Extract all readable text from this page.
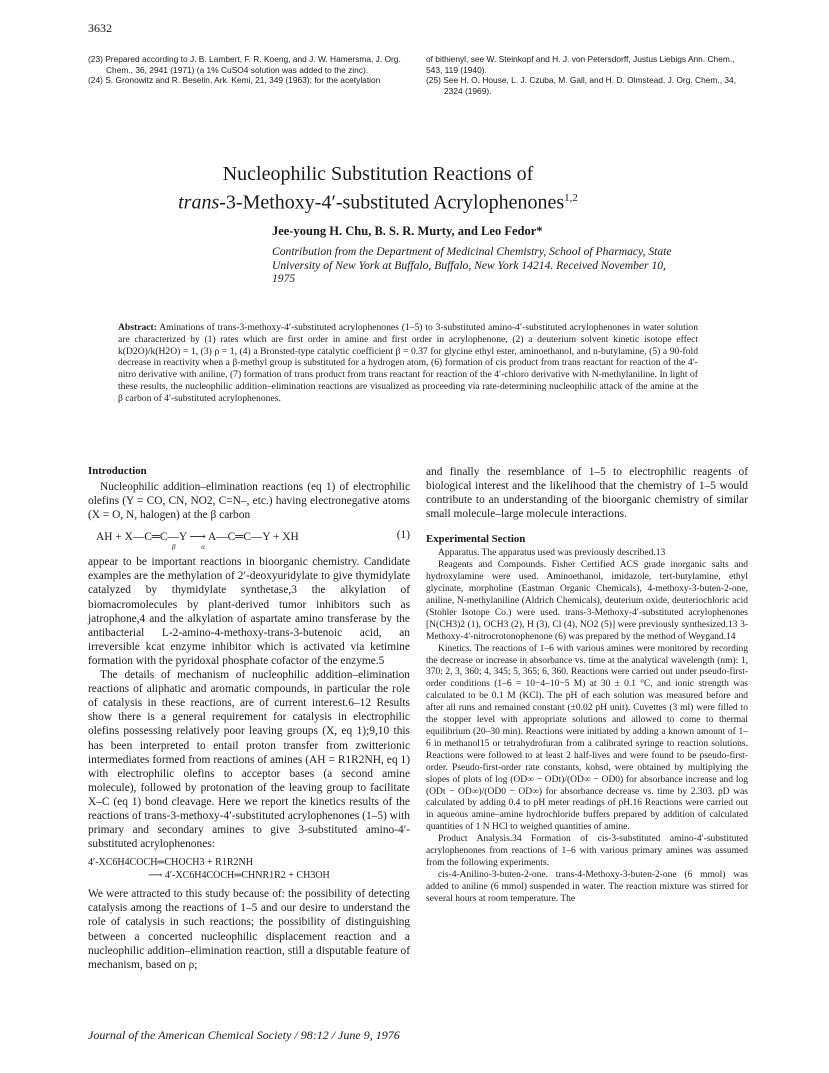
3632

(23) Prepared according to J. B. Lambert, F. R. Koeng, and J. W. Hamersma, J. Org. Chem., 36, 2941 (1971) (a 1% CuSO4 solution was added to the zinc).

(24) S. Gronowitz and R. Beselin, Ark. Kemi, 21, 349 (1963); for the acetylation

of bithienyl, see W. Steinkopf and H. J. von Petersdorff, Justus Liebigs Ann. Chem., 543, 119 (1940).

(25) See H. O. House, L. J. Czuba, M. Gall, and H. D. Olmstead, J. Org. Chem., 34, 2324 (1969).

Nucleophilic Substitution Reactions of
trans-3-Methoxy-4′-substituted Acrylophenones$^{1,2}$
Jee-young H. Chu, B. S. R. Murty, and Leo Fedor*
Contribution from the Department of Medicinal Chemistry, School of Pharmacy, State University of New York at Buffalo, Buffalo, New York 14214. Received November 10, 1975
Abstract: Aminations of trans-3-methoxy-4′-substituted acrylophenones (1–5) to 3-substituted amino-4′-substituted acrylophenones in water solution are characterized by (1) rates which are first order in amine and first order in acrylophenone, (2) a deuterium solvent kinetic isotope effect k(D2O)/k(H2O) = 1, (3) ρ = 1, (4) a Bronsted-type catalytic coefficient β = 0.37 for glycine ethyl ester, aminoethanol, and n-butylamine, (5) a 90-fold decrease in reactivity when a β-methyl group is substituted for a hydrogen atom, (6) formation of cis product from trans reactant for reaction of the 4′-nitro derivative with aniline, (7) formation of trans product from trans reactant for reaction of the 4′-chloro derivative with N-methylaniline. In light of these results, the nucleophilic addition–elimination reactions are visualized as proceeding via rate-determining nucleophilic attack of the amine at the β carbon of 4′-substituted acrylophenones.
Introduction

Nucleophilic addition–elimination reactions (eq 1) of electrophilic olefins (Y = CO, CN, NO2, C=N–, etc.) having electronegative atoms (X = O, N, halogen) at the β carbon

AH + X—C═C—Y ⟶ A—C═C—Y + XH	(1)
β α

appear to be important reactions in bioorganic chemistry. Candidate examples are the methylation of 2′-deoxyuridylate to give thymidylate catalyzed by thymidylate synthetase,3 the alkylation of biomacromolecules by plant-derived tumor inhibitors such as jatrophone,4 and the alkylation of aspartate amino transferase by the antibacterial L-2-amino-4-methoxy-trans-3-butenoic acid, an irreversible kcat enzyme inhibitor which is activated via ketimine formation with the pyridoxal phosphate cofactor of the enzyme.5

The details of mechanism of nucleophilic addition–elimination reactions of aliphatic and aromatic compounds, in particular the role of catalysis in these reactions, are of current interest.6–12 Results show there is a general requirement for catalysis in electrophilic olefins possessing relatively poor leaving groups (X, eq 1);9,10 this has been interpreted to entail proton transfer from zwitterionic intermediates formed from reactions of amines (AH = R1R2NH, eq 1) with electrophilic olefins to acceptor bases (a second amine molecule), followed by protonation of the leaving group to facilitate X–C (eq 1) bond cleavage. Here we report the kinetics results of the reactions of trans-3-methoxy-4′-substituted acrylophenones (1–5) with primary and secondary amines to give 3-substituted amino-4′-substituted acrylophenones:

4′-XC6H4COCH═CHOCH3 + R1R2NH
⟶ 4′-XC6H4COCH═CHNR1R2 + CH3OH

We were attracted to this study because of: the possibility of detecting catalysis among the reactions of 1–5 and our desire to understand the role of catalysis in such reactions; the possibility of distinguishing between a concerted nucleophilic displacement reaction and a nucleophilic addition–elimination reaction, still a disputable feature of mechanism, based on ρ;

and finally the resemblance of 1–5 to electrophilic reagents of biological interest and the likelihood that the chemistry of 1–5 would contribute to an understanding of the bioorganic chemistry of similar small molecule–large molecule interactions.

Experimental Section

Apparatus. The apparatus used was previously described.13

Reagents and Compounds. Fisher Certified ACS grade inorganic salts and hydroxylamine were used. Aminoethanol, imidazole, tert-butylamine, ethyl glycinate, morpholine (Eastman Organic Chemicals), 4-methoxy-3-buten-2-one, aniline, N-methylaniline (Aldrich Chemicals), deuterium oxide, deuteriochloric acid (Stohler Isotope Co.) were used. trans-3-Methoxy-4′-substituted acrylophenones [N(CH3)2 (1), OCH3 (2), H (3), Cl (4), NO2 (5)] were previously synthesized.13 3-Methoxy-4′-nitrocrotonophenone (6) was prepared by the method of Weygand.14

Kinetics. The reactions of 1–6 with various amines were monitored by recording the decrease or increase in absorbance vs. time at the analytical wavelength (nm): 1, 370; 2, 3, 360; 4, 345; 5, 365; 6, 360. Reactions were carried out under pseudo-first-order conditions (1–6 = 10−4–10−5 M) at 30 ± 0.1 °C, and ionic strength was calculated to be 0.1 M (KCl). The pH of each solution was measured before and after all runs and remained constant (±0.02 pH unit). Cuvettes (3 ml) were filled to the stopper level with appropriate solutions and allowed to come to thermal equilibrium (20–30 min). Reactions were initiated by adding a known amount of 1–6 in methanol15 or tetrahydrofuran from a calibrated syringe to reaction solutions. Reactions were followed to at least 2 half-lives and were found to be pseudo-first-order. Pseudo-first-order rate constants, kobsd, were obtained by multiplying the slopes of plots of log (OD∞ − ODt)/(OD∞ − OD0) for absorbance increase and log (ODt − OD∞)/(OD0 − OD∞) for absorbance decrease vs. time by 2.303. pD was calculated by adding 0.4 to pH meter readings of pH.16 Reactions were carried out in aqueous amine–amine hydrochloride buffers prepared by addition of calculated quantities of 1 N HCl to weighed quantities of amine.

Product Analysis.34 Formation of cis-3-substituted amino-4′-substituted acrylophenones from reactions of 1–6 with various primary amines was assumed from the following experiments.

cis-4-Anilino-3-buten-2-one. trans-4-Methoxy-3-buten-2-one (6 mmol) was added to aniline (6 mmol) suspended in water. The reaction mixture was stirred for several hours at room temperature. The

Journal of the American Chemical Society / 98:12 / June 9, 1976
